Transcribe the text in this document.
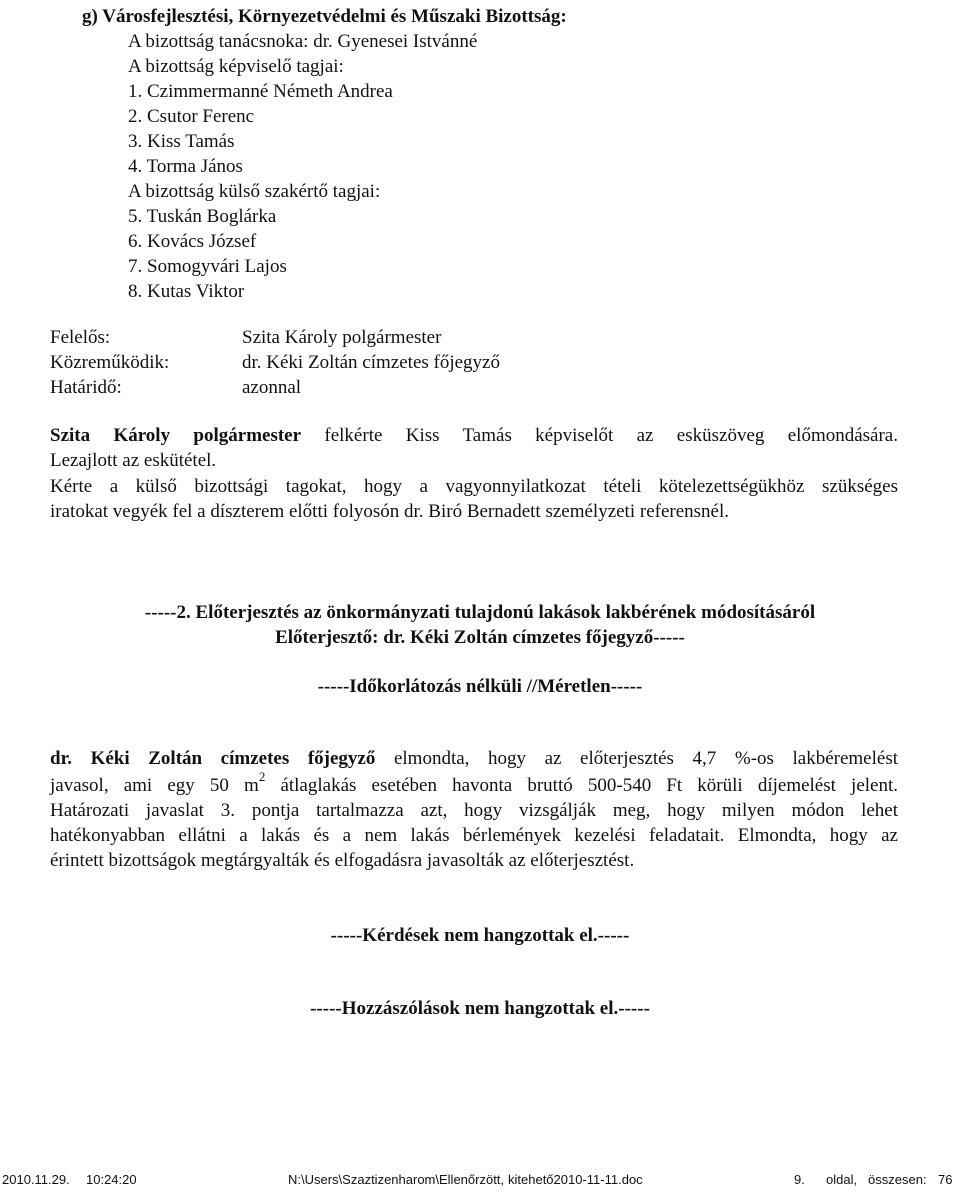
g) Városfejlesztési, Környezetvédelmi és Műszaki Bizottság:
A bizottság tanácsnoka: dr. Gyenesei Istvánné
A bizottság képviselő tagjai:
1. Czimmermanné Németh Andrea
2. Csutor Ferenc
3. Kiss Tamás
4. Torma János
A bizottság külső szakértő tagjai:
5. Tuskán Boglárka
6. Kovács József
7. Somogyvári Lajos
8. Kutas Viktor
Felelős:	Szita Károly polgármester
Közreműködik:	dr. Kéki Zoltán címzetes főjegyző
Határidő:	azonnal
Szita Károly polgármester felkérte Kiss Tamás képviselőt az esküszöveg előmondására.
Lezajlott az eskütétel.
Kérte a külső bizottsági tagokat, hogy a vagyonnyilatkozat tételi kötelezettségükhöz szükséges
iratokat vegyék fel a díszterem előtti folyosón dr. Biró Bernadett személyzeti referensnél.
-----2. Előterjesztés az önkormányzati tulajdonú lakások lakbérének módosításáról
Előterjesztő: dr. Kéki Zoltán címzetes főjegyző-----
-----Időkorlátozás nélküli //Méretlen-----
dr. Kéki Zoltán címzetes főjegyző elmondta, hogy az előterjesztés 4,7 %-os lakbéremelést
javasol, ami egy 50 $m^2$ átlaglakás esetében havonta bruttó 500-540 Ft körüli díjemelést jelent.
Határozati javaslat 3. pontja tartalmazza azt, hogy vizsgálják meg, hogy milyen módon lehet
hatékonyabban ellátni a lakás és a nem lakás bérlemények kezelési feladatait. Elmondta, hogy az
érintett bizottságok megtárgyalták és elfogadásra javasolták az előterjesztést.
-----Kérdések nem hangzottak el.-----
-----Hozzászólások nem hangzottak el.-----
2010.11.29. 10:24:20	N:\Users\Szaztizenharom\Ellenőrzött, kitehető2010-11-11.doc	9. oldal, összesen: 76
